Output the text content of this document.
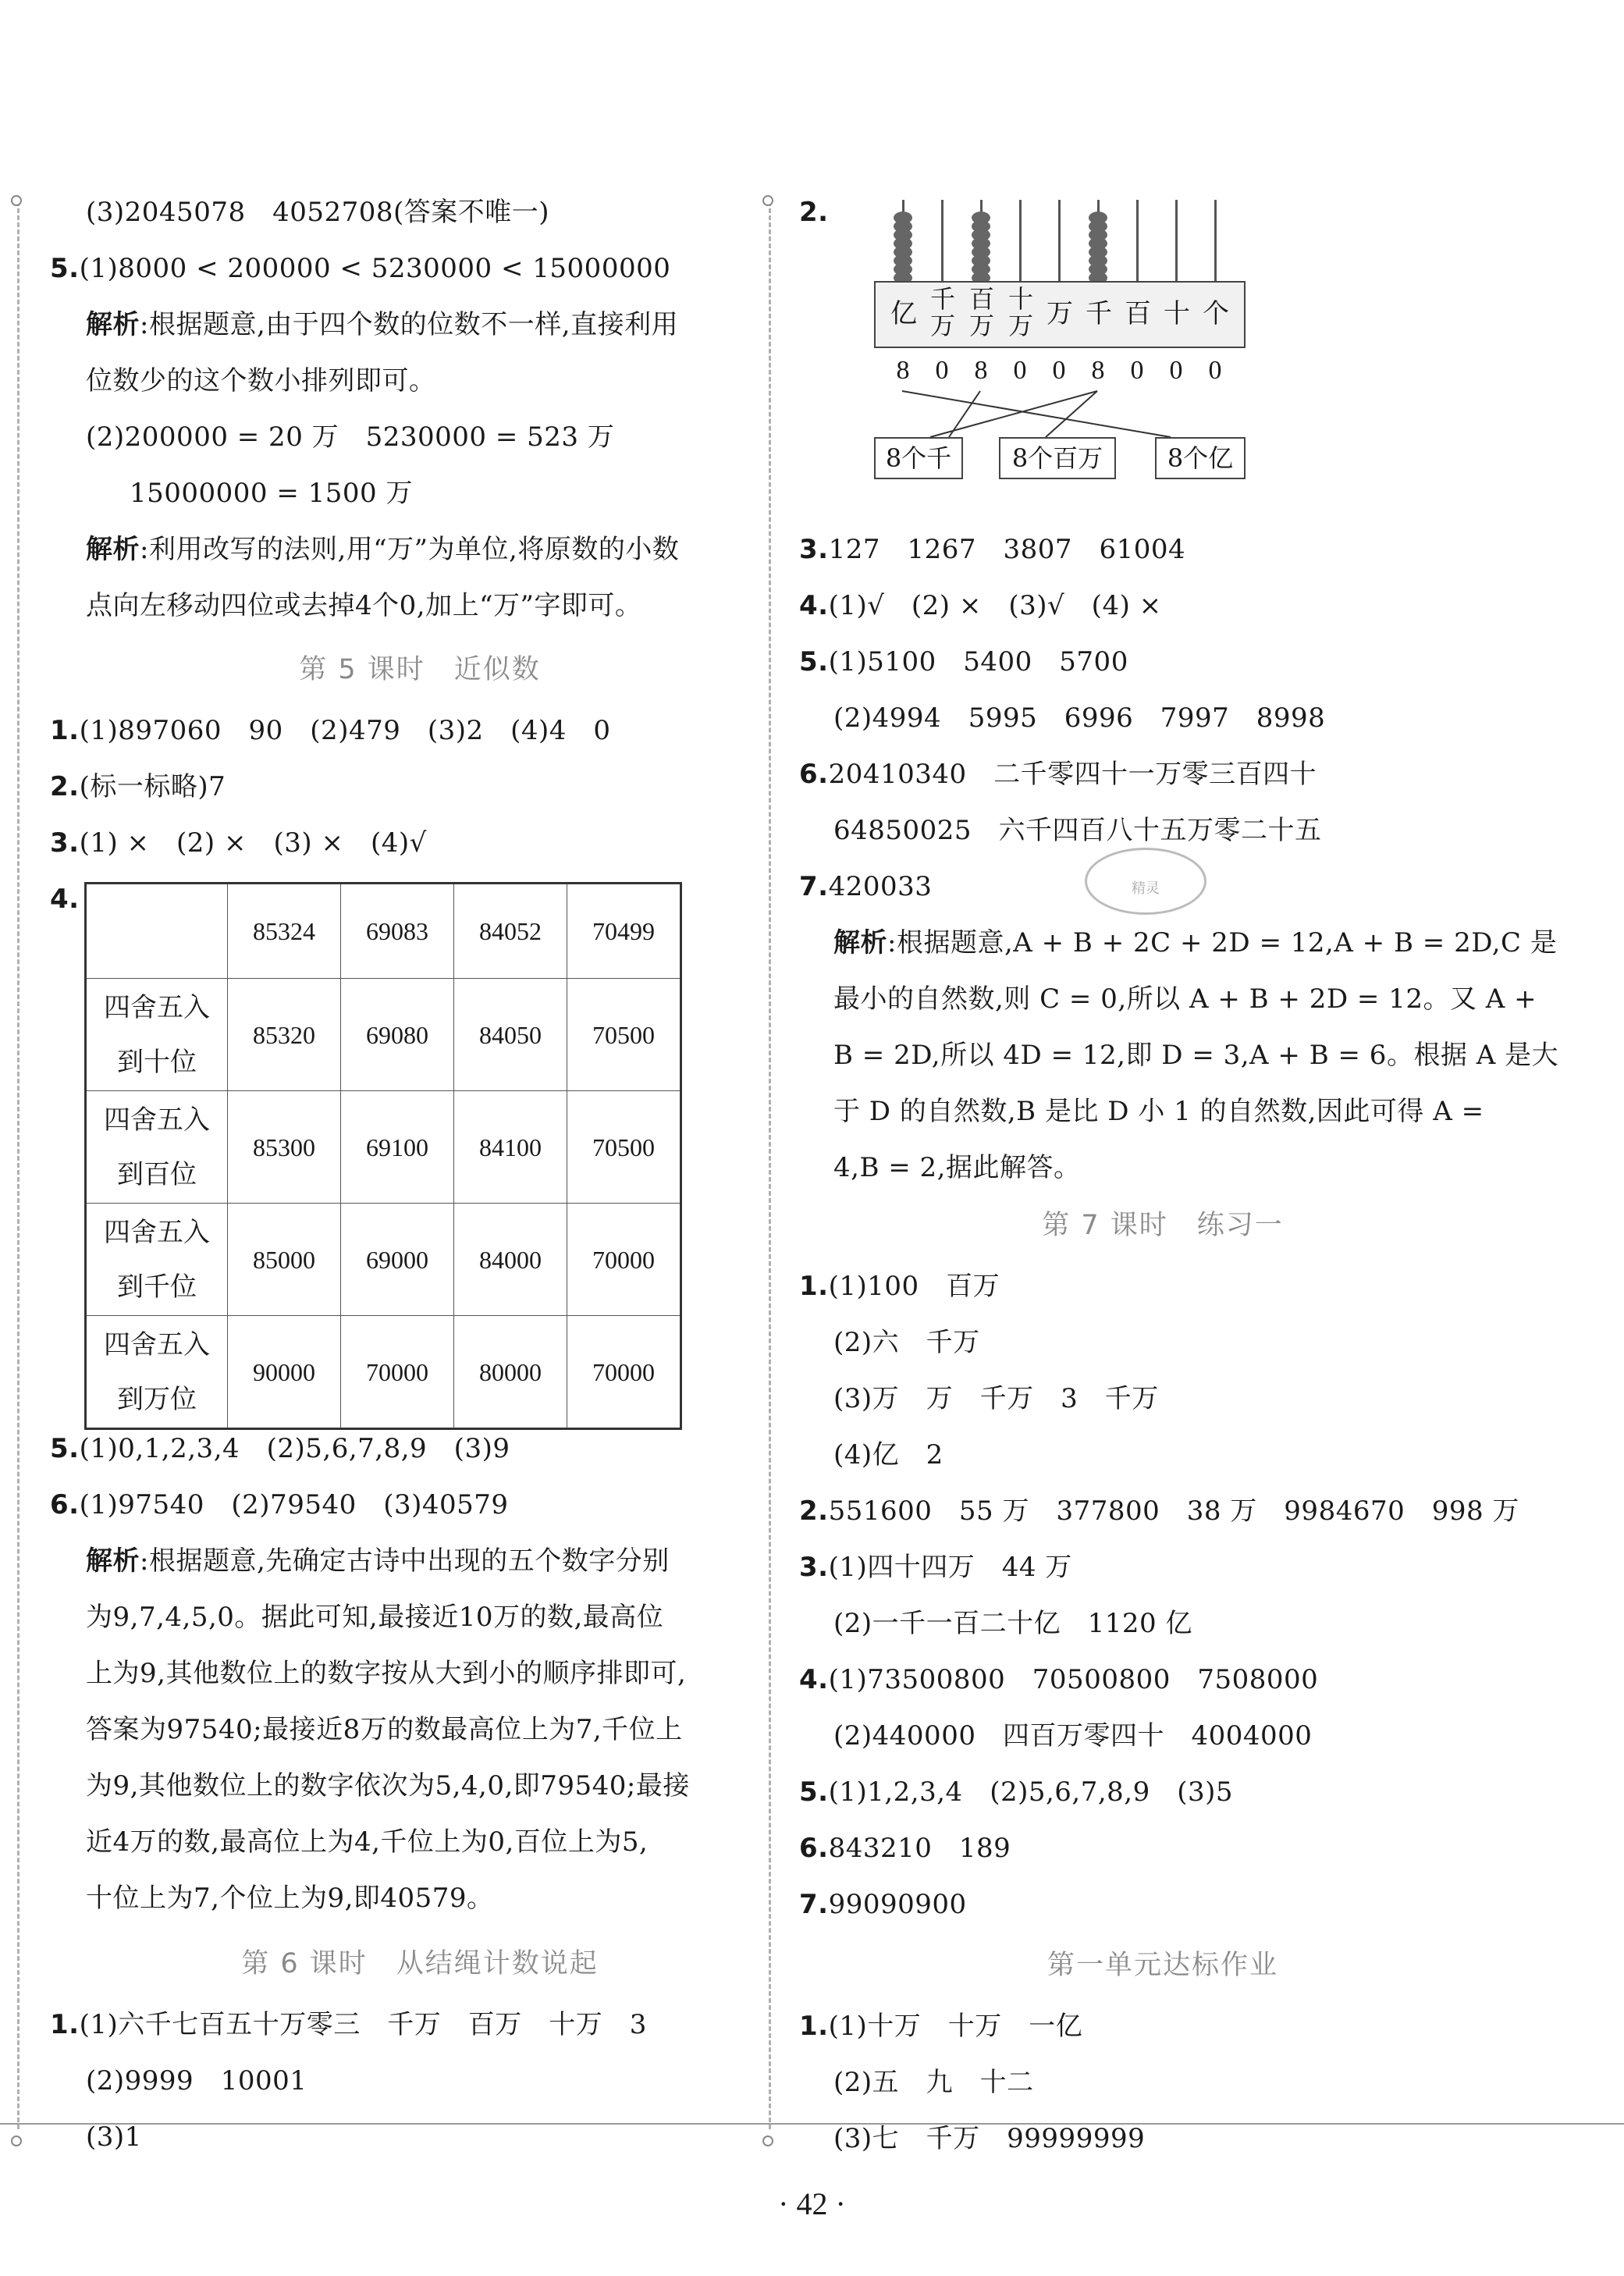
(3)2045078　4052708(答案不唯一)
5.(1)8000 < 200000 < 5230000 < 15000000
解析:根据题意,由于四个数的位数不一样,直接利用
位数少的这个数小排列即可。
(2)200000 = 20 万　5230000 = 523 万
15000000 = 1500 万
解析:利用改写的法则,用“万”为单位,将原数的小数
点向左移动四位或去掉4个0,加上“万”字即可。
第 5 课时　近似数
1.(1)897060　90　(2)479　(3)2　(4)4　0
2.(标一标略)7
3.(1) ×　(2) ×　(3) ×　(4)√
4.
	85324	69083	84052	70499
四舍五入
到十位	85320	69080	84050	70500
四舍五入
到百位	85300	69100	84100	70500
四舍五入
到千位	85000	69000	84000	70000
四舍五入
到万位	90000	70000	80000	70000
5.(1)0,1,2,3,4　(2)5,6,7,8,9　(3)9
6.(1)97540　(2)79540　(3)40579
解析:根据题意,先确定古诗中出现的五个数字分别
为9,7,4,5,0。据此可知,最接近10万的数,最高位
上为9,其他数位上的数字按从大到小的顺序排即可,
答案为97540;最接近8万的数最高位上为7,千位上
为9,其他数位上的数字依次为5,4,0,即79540;最接
近4万的数,最高位上为4,千位上为0,百位上为5,
十位上为7,个位上为9,即40579。
第 6 课时　从结绳计数说起
1.(1)六千七百五十万零三　千万　百万　十万　3
(2)9999　10001
(3)1
2.
亿 千
万
百
万
十
万 万 千 百 十 个
8 0 8 0 0 8 0 0 0
8个千	8个百万	8个亿
3.127　1267　3807　61004
4.(1)√　(2) ×　(3)√　(4) ×
5.(1)5100　5400　5700
(2)4994　5995　6996　7997　8998
6.20410340　二千零四十一万零三百四十
64850025　六千四百八十五万零二十五
精灵
7.420033
解析:根据题意,A + B + 2C + 2D = 12,A + B = 2D,C 是
最小的自然数,则 C = 0,所以 A + B + 2D = 12。又 A +
B = 2D,所以 4D = 12,即 D = 3,A + B = 6。根据 A 是大
于 D 的自然数,B 是比 D 小 1 的自然数,因此可得 A =
4,B = 2,据此解答。
第 7 课时　练习一
1.(1)100　百万
(2)六　千万
(3)万　万　千万　3　千万
(4)亿　2
2.551600　55 万　377800　38 万　9984670　998 万
3.(1)四十四万　44 万
(2)一千一百二十亿　1120 亿
4.(1)73500800　70500800　7508000
(2)440000　四百万零四十　4004000
5.(1)1,2,3,4　(2)5,6,7,8,9　(3)5
6.843210　189
7.99090900
第一单元达标作业
1.(1)十万　十万　一亿
(2)五　九　十二
(3)七　千万　99999999
· 42 ·
